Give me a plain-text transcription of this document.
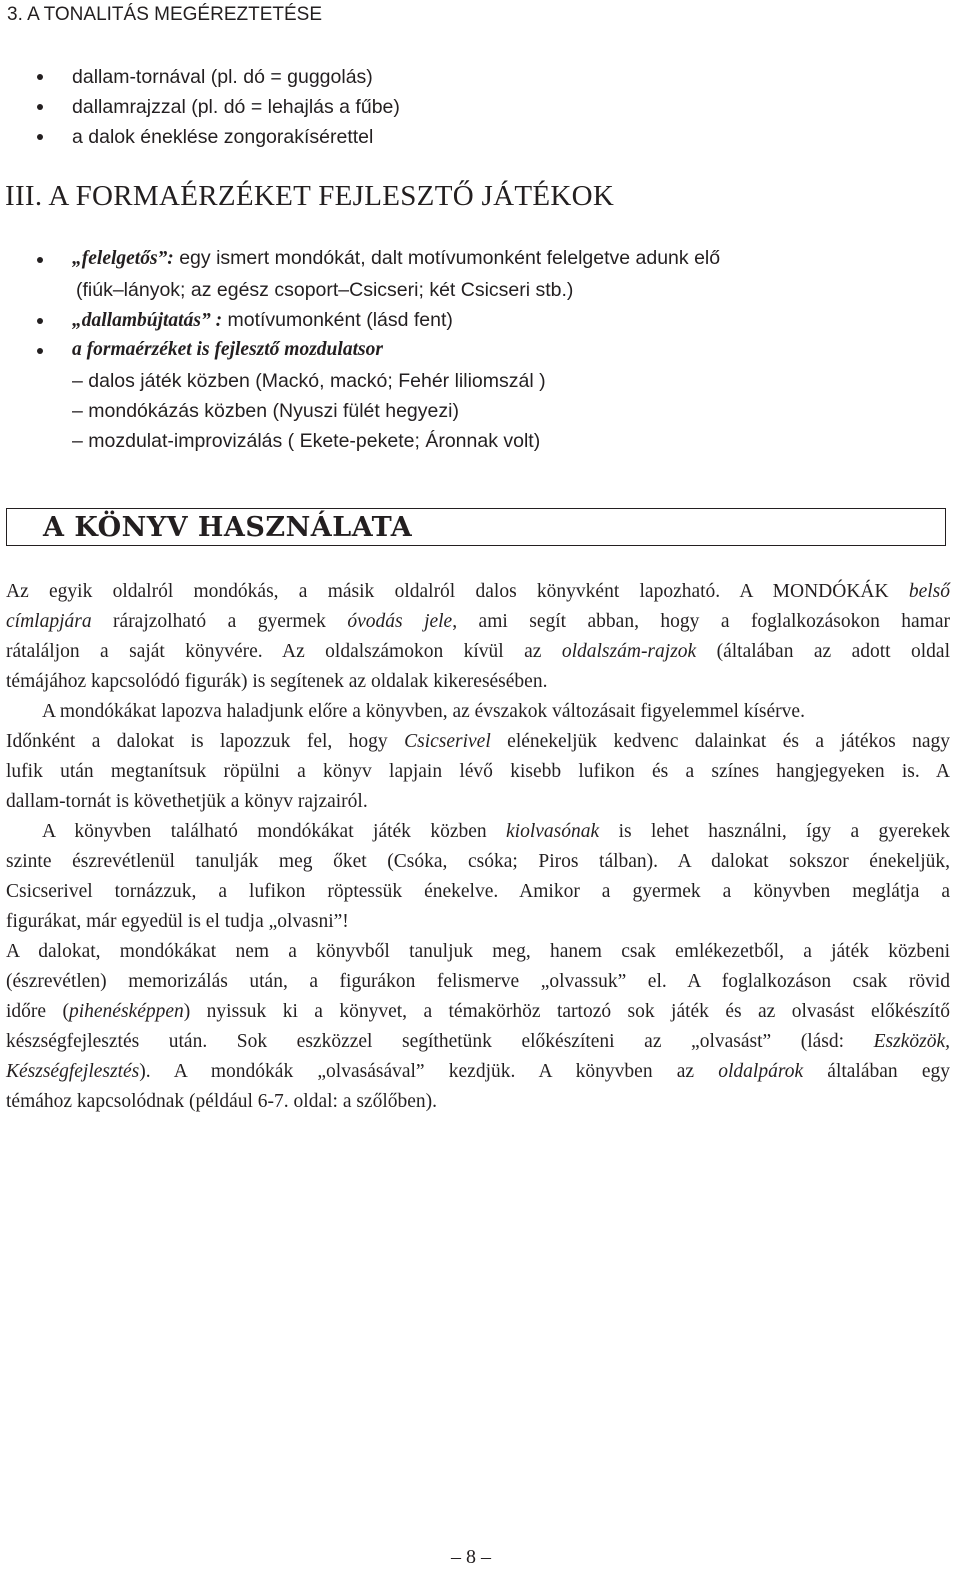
3. A TONALITÁS MEGÉREZTETÉSE
dallam-tornával (pl. dó = guggolás)
dallamrajzzal (pl. dó = lehajlás a fűbe)
a dalok éneklése zongorakísérettel
III. A FORMAÉRZÉKET FEJLESZTŐ JÁTÉKOK
„felelgetős”: egy ismert mondókát, dalt motívumonként felelgetve adunk elő
(fiúk–lányok; az egész csoport–Csicseri; két Csicseri stb.)
„dallambújtatás” : motívumonként (lásd fent)
a formaérzéket is fejlesztő mozdulatsor
– dalos játék közben (Mackó, mackó; Fehér liliomszál )
– mondókázás közben (Nyuszi fülét hegyezi)
– mozdulat-improvizálás ( Ekete-pekete; Áronnak volt)
A KÖNYV HASZNÁLATA

Az egyik oldalról mondókás, a másik oldalról dalos könyvként lapozható. A MONDÓKÁK belső

címlapjára rárajzolható a gyermek óvodás jele, ami segít abban, hogy a foglalkozásokon hamar

rátaláljon a saját könyvére. Az oldalszámokon kívül az oldalszám-rajzok (általában az adott oldal

témájához kapcsolódó figurák) is segítenek az oldalak kikeresésében.

A mondókákat lapozva haladjunk előre a könyvben, az évszakok változásait figyelemmel kísérve.

Időnként a dalokat is lapozzuk fel, hogy Csicserivel elénekeljük kedvenc dalainkat és a játékos nagy

lufik után megtanítsuk röpülni a könyv lapjain lévő kisebb lufikon és a színes hangjegyeken is. A

dallam-tornát is követhetjük a könyv rajzairól.

A könyvben található mondókákat játék közben kiolvasónak is lehet használni, így a gyerekek

szinte észrevétlenül tanulják meg őket (Csóka, csóka; Piros tálban). A dalokat sokszor énekeljük,

Csicserivel tornázzuk, a lufikon röptessük énekelve. Amikor a gyermek a könyvben meglátja a

figurákat, már egyedül is el tudja „olvasni”!

A dalokat, mondókákat nem a könyvből tanuljuk meg, hanem csak emlékezetből, a játék közbeni

(észrevétlen) memorizálás után, a figurákon felismerve „olvassuk” el. A foglalkozáson csak rövid

időre (pihenésképpen) nyissuk ki a könyvet, a témakörhöz tartozó sok játék és az olvasást előkészítő

készségfejlesztés után. Sok eszközzel segíthetünk előkészíteni az „olvasást” (lásd: Eszközök,

Készségfejlesztés). A mondókák „olvasásával” kezdjük. A könyvben az oldalpárok általában egy

témához kapcsolódnak (például 6-7. oldal: a szőlőben).

– 8 –
